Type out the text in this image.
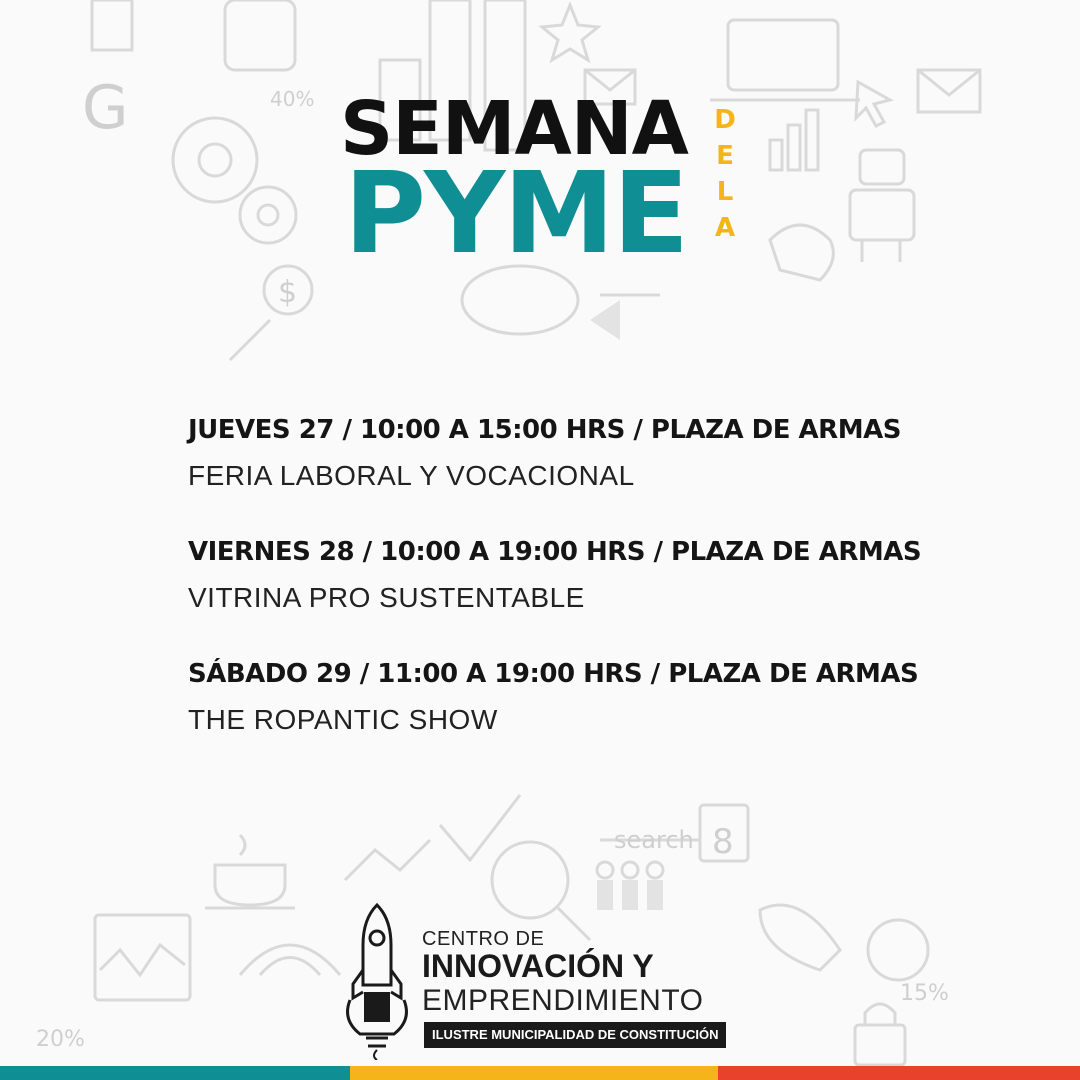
G
$
40%
search 8
20%
15%
SEMANA
PYME
D
E
L
A
JUEVES 27 / 10:00 A 15:00 HRS / PLAZA DE ARMAS
FERIA LABORAL Y VOCACIONAL
VIERNES 28 / 10:00 A 19:00 HRS / PLAZA DE ARMAS
VITRINA PRO SUSTENTABLE
SÁBADO 29 / 11:00 A 19:00 HRS / PLAZA DE ARMAS
THE ROPANTIC SHOW
CENTRO DE
INNOVACIÓN Y
EMPRENDIMIENTO
ILUSTRE MUNICIPALIDAD DE CONSTITUCIÓN
